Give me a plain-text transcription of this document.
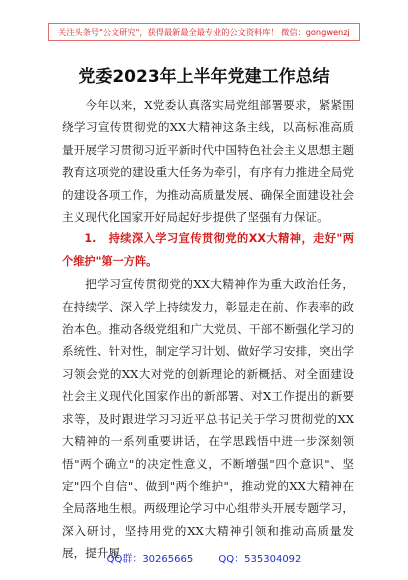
关注头条号"公文研究"，获得最新最全最专业的公文资料库！ 微信：gongwenzj
党委2023年上半年党建工作总结

今年以来，X党委认真落实局党组部署要求，紧紧围绕学习宣传贯彻党的XX大精神这条主线，以高标准高质量开展学习贯彻习近平新时代中国特色社会主义思想主题教育这项党的建设重大任务为牵引，有序有力推进全局党的建设各项工作，为推动高质量发展、确保全面建设社会主义现代化国家开好局起好步提供了坚强有力保证。

1.　持续深入学习宣传贯彻党的XX大精神，走好"两个维护"第一方阵。

把学习宣传贯彻党的XX大精神作为重大政治任务，在持续学、深入学上持续发力，彰显走在前、作表率的政治本色。推动各级党组和广大党员、干部不断强化学习的系统性、针对性，制定学习计划、做好学习安排，突出学习领会党的XX大对党的创新理论的新概括、对全面建设社会主义现代化国家作出的新部署、对X工作提出的新要求等，及时跟进学习习近平总书记关于学习贯彻党的XX大精神的一系列重要讲话，在学思践悟中进一步深刻领悟"两个确立"的决定性意义，不断增强"四个意识"、坚定"四个自信"、做到"两个维护"，推动党的XX大精神在全局落地生根。两级理论学习中心组带头开展专题学习，深入研讨，坚持用党的XX大精神引领和推动高质量发展，提升履

QQ群：30265665	QQ：535304092
